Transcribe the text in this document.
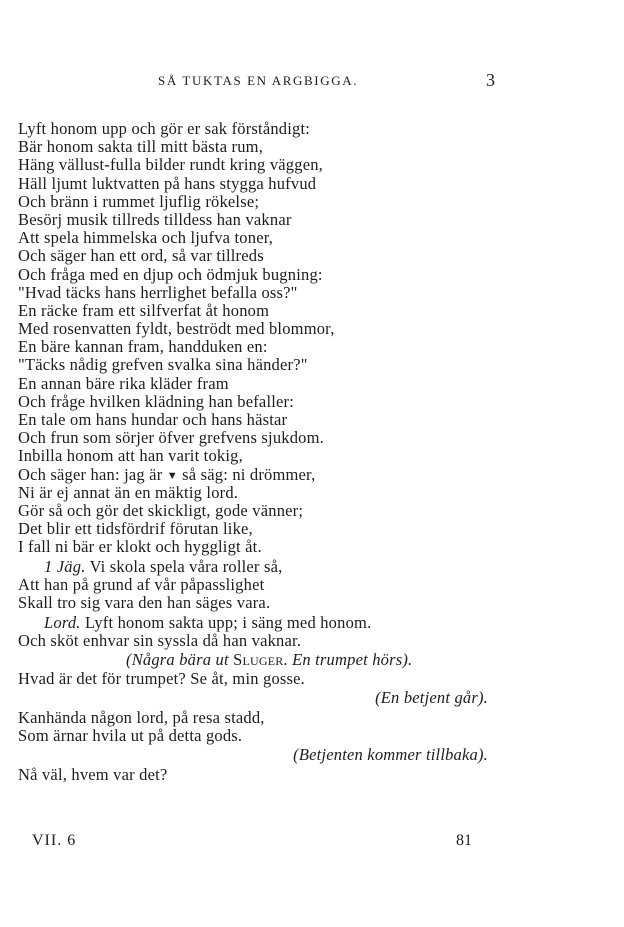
SÅ TUKTAS EN ARGBIGGA.	3
Lyft honom upp och gör er sak förståndigt:
Bär honom sakta till mitt bästa rum,
Häng vällust-fulla bilder rundt kring väggen,
Häll ljumt luktvatten på hans stygga hufvud
Och bränn i rummet ljuflig rökelse;
Besörj musik tillreds tilldess han vaknar
Att spela himmelska och ljufva toner,
Och säger han ett ord, så var tillreds
Och fråga med en djup och ödmjuk bugning:
"Hvad täcks hans herrlighet befalla oss?"
En räcke fram ett silfverfat åt honom
Med rosenvatten fyldt, beströdt med blommor,
En bäre kannan fram, handduken en:
"Täcks nådig grefven svalka sina händer?"
En annan bäre rika kläder fram
Och fråge hvilken klädning han befaller:
En tale om hans hundar och hans hästar
Och frun som sörjer öfver grefvens sjukdom.
Inbilla honom att han varit tokig,
Och säger han: jag är ▼ så säg: ni drömmer,
Ni är ej annat än en mäktig lord.
Gör så och gör det skickligt, gode vänner;
Det blir ett tidsfördrif förutan like,
I fall ni bär er klokt och hyggligt åt.
1 Jäg. Vi skola spela våra roller så,
Att han på grund af vår påpasslighet
Skall tro sig vara den han säges vara.
Lord. Lyft honom sakta upp; i säng med honom.
Och sköt enhvar sin syssla då han vaknar.
(Några bära ut Sluger. En trumpet hörs).
Hvad är det för trumpet? Se åt, min gosse.
(En betjent går).
Kanhända någon lord, på resa stadd,
Som ärnar hvila ut på detta gods.
(Betjenten kommer tillbaka).
Nå väl, hvem var det?
VII. 6	81
